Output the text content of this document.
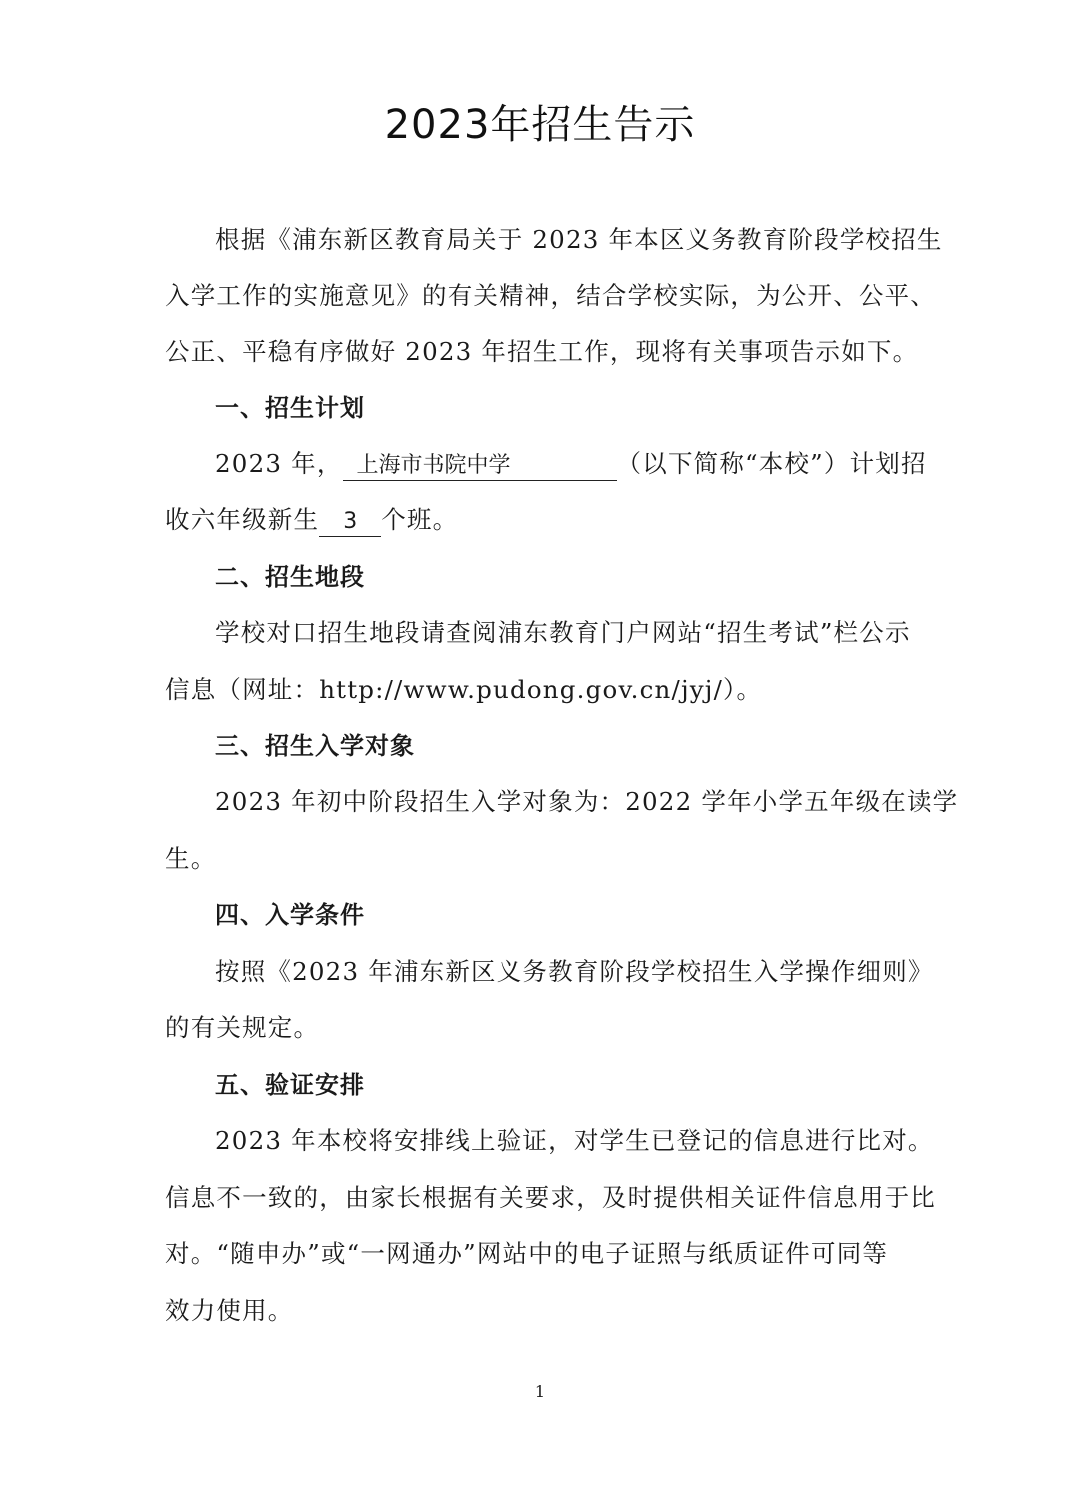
2023年招生告示
根据《浦东新区教育局关于 2023 年本区义务教育阶段学校招生
入学工作的实施意见》的有关精神，结合学校实际，为公开、公平、
公正、平稳有序做好 2023 年招生工作，现将有关事项告示如下。
一、招生计划
2023 年， 上海市书院中学	（以下简称“本校”）计划招
收六年级新生 3 个班。
二、招生地段
学校对口招生地段请查阅浦东教育门户网站“招生考试”栏公示
信息（网址：http://www.pudong.gov.cn/jyj/）。
三、招生入学对象
2023 年初中阶段招生入学对象为：2022 学年小学五年级在读学
生。
四、入学条件
按照《2023 年浦东新区义务教育阶段学校招生入学操作细则》
的有关规定。
五、验证安排
2023 年本校将安排线上验证，对学生已登记的信息进行比对。
信息不一致的，由家长根据有关要求，及时提供相关证件信息用于比
对。“随申办”或“一网通办”网站中的电子证照与纸质证件可同等
效力使用。
1
